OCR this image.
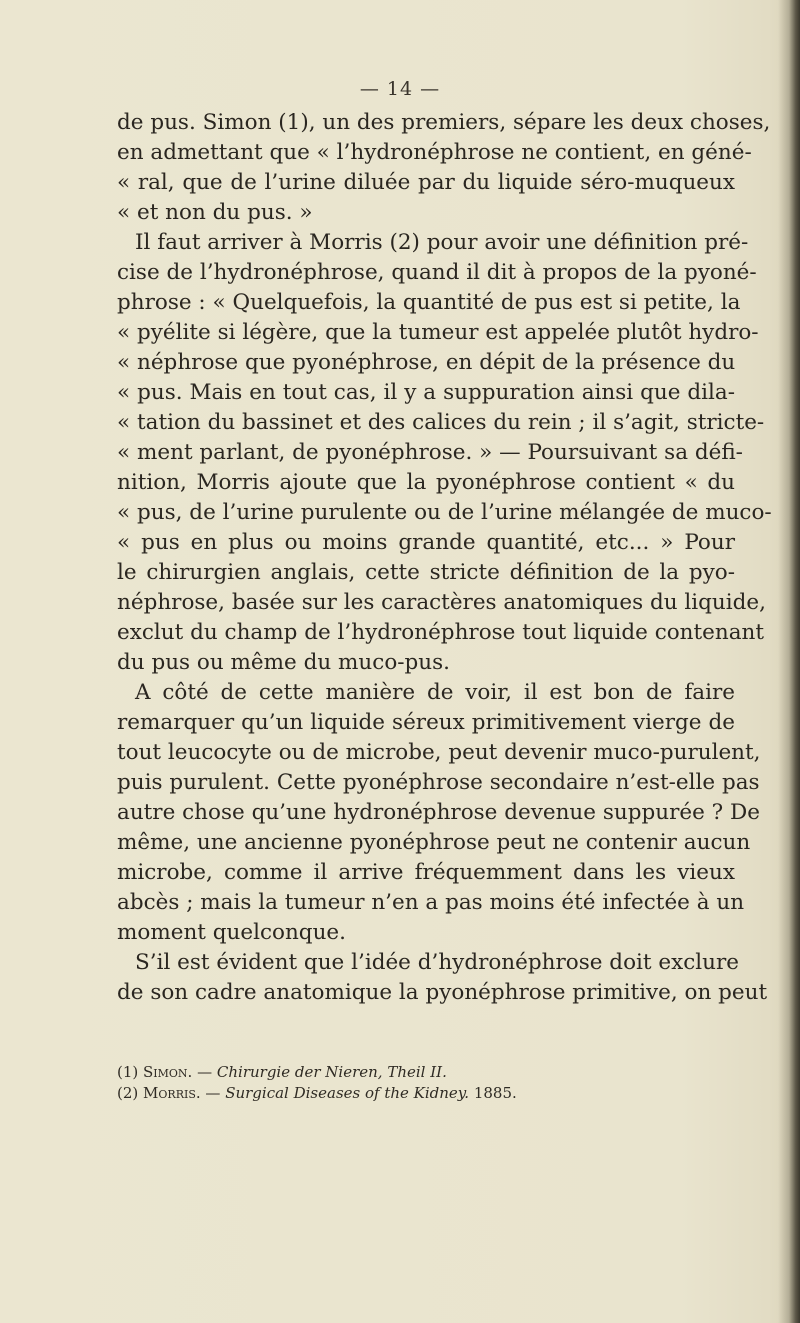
— 14 —
de pus. Simon (1), un des premiers, sépare les deux choses,
en admettant que « l’hydronéphrose ne contient, en géné-
« ral, que de l’urine diluée par du liquide séro-muqueux
« et non du pus. »
Il faut arriver à Morris (2) pour avoir une définition pré-
cise de l’hydronéphrose, quand il dit à propos de la pyoné-
phrose : « Quelquefois, la quantité de pus est si petite, la
« pyélite si légère, que la tumeur est appelée plutôt hydro-
« néphrose que pyonéphrose, en dépit de la présence du
« pus. Mais en tout cas, il y a suppuration ainsi que dila-
« tation du bassinet et des calices du rein ; il s’agit, stricte-
« ment parlant, de pyonéphrose. » — Poursuivant sa défi-
nition, Morris ajoute que la pyonéphrose contient « du
« pus, de l’urine purulente ou de l’urine mélangée de muco-
« pus en plus ou moins grande quantité, etc... » Pour
le chirurgien anglais, cette stricte définition de la pyo-
néphrose, basée sur les caractères anatomiques du liquide,
exclut du champ de l’hydronéphrose tout liquide contenant
du pus ou même du muco-pus.
A côté de cette manière de voir, il est bon de faire
remarquer qu’un liquide séreux primitivement vierge de
tout leucocyte ou de microbe, peut devenir muco-purulent,
puis purulent. Cette pyonéphrose secondaire n’est-elle pas
autre chose qu’une hydronéphrose devenue suppurée ? De
même, une ancienne pyonéphrose peut ne contenir aucun
microbe, comme il arrive fréquemment dans les vieux
abcès ; mais la tumeur n’en a pas moins été infectée à un
moment quelconque.
S’il est évident que l’idée d’hydronéphrose doit exclure
de son cadre anatomique la pyonéphrose primitive, on peut
(1) Simon. — Chirurgie der Nieren, Theil II.
(2) Morris. — Surgical Diseases of the Kidney. 1885.
